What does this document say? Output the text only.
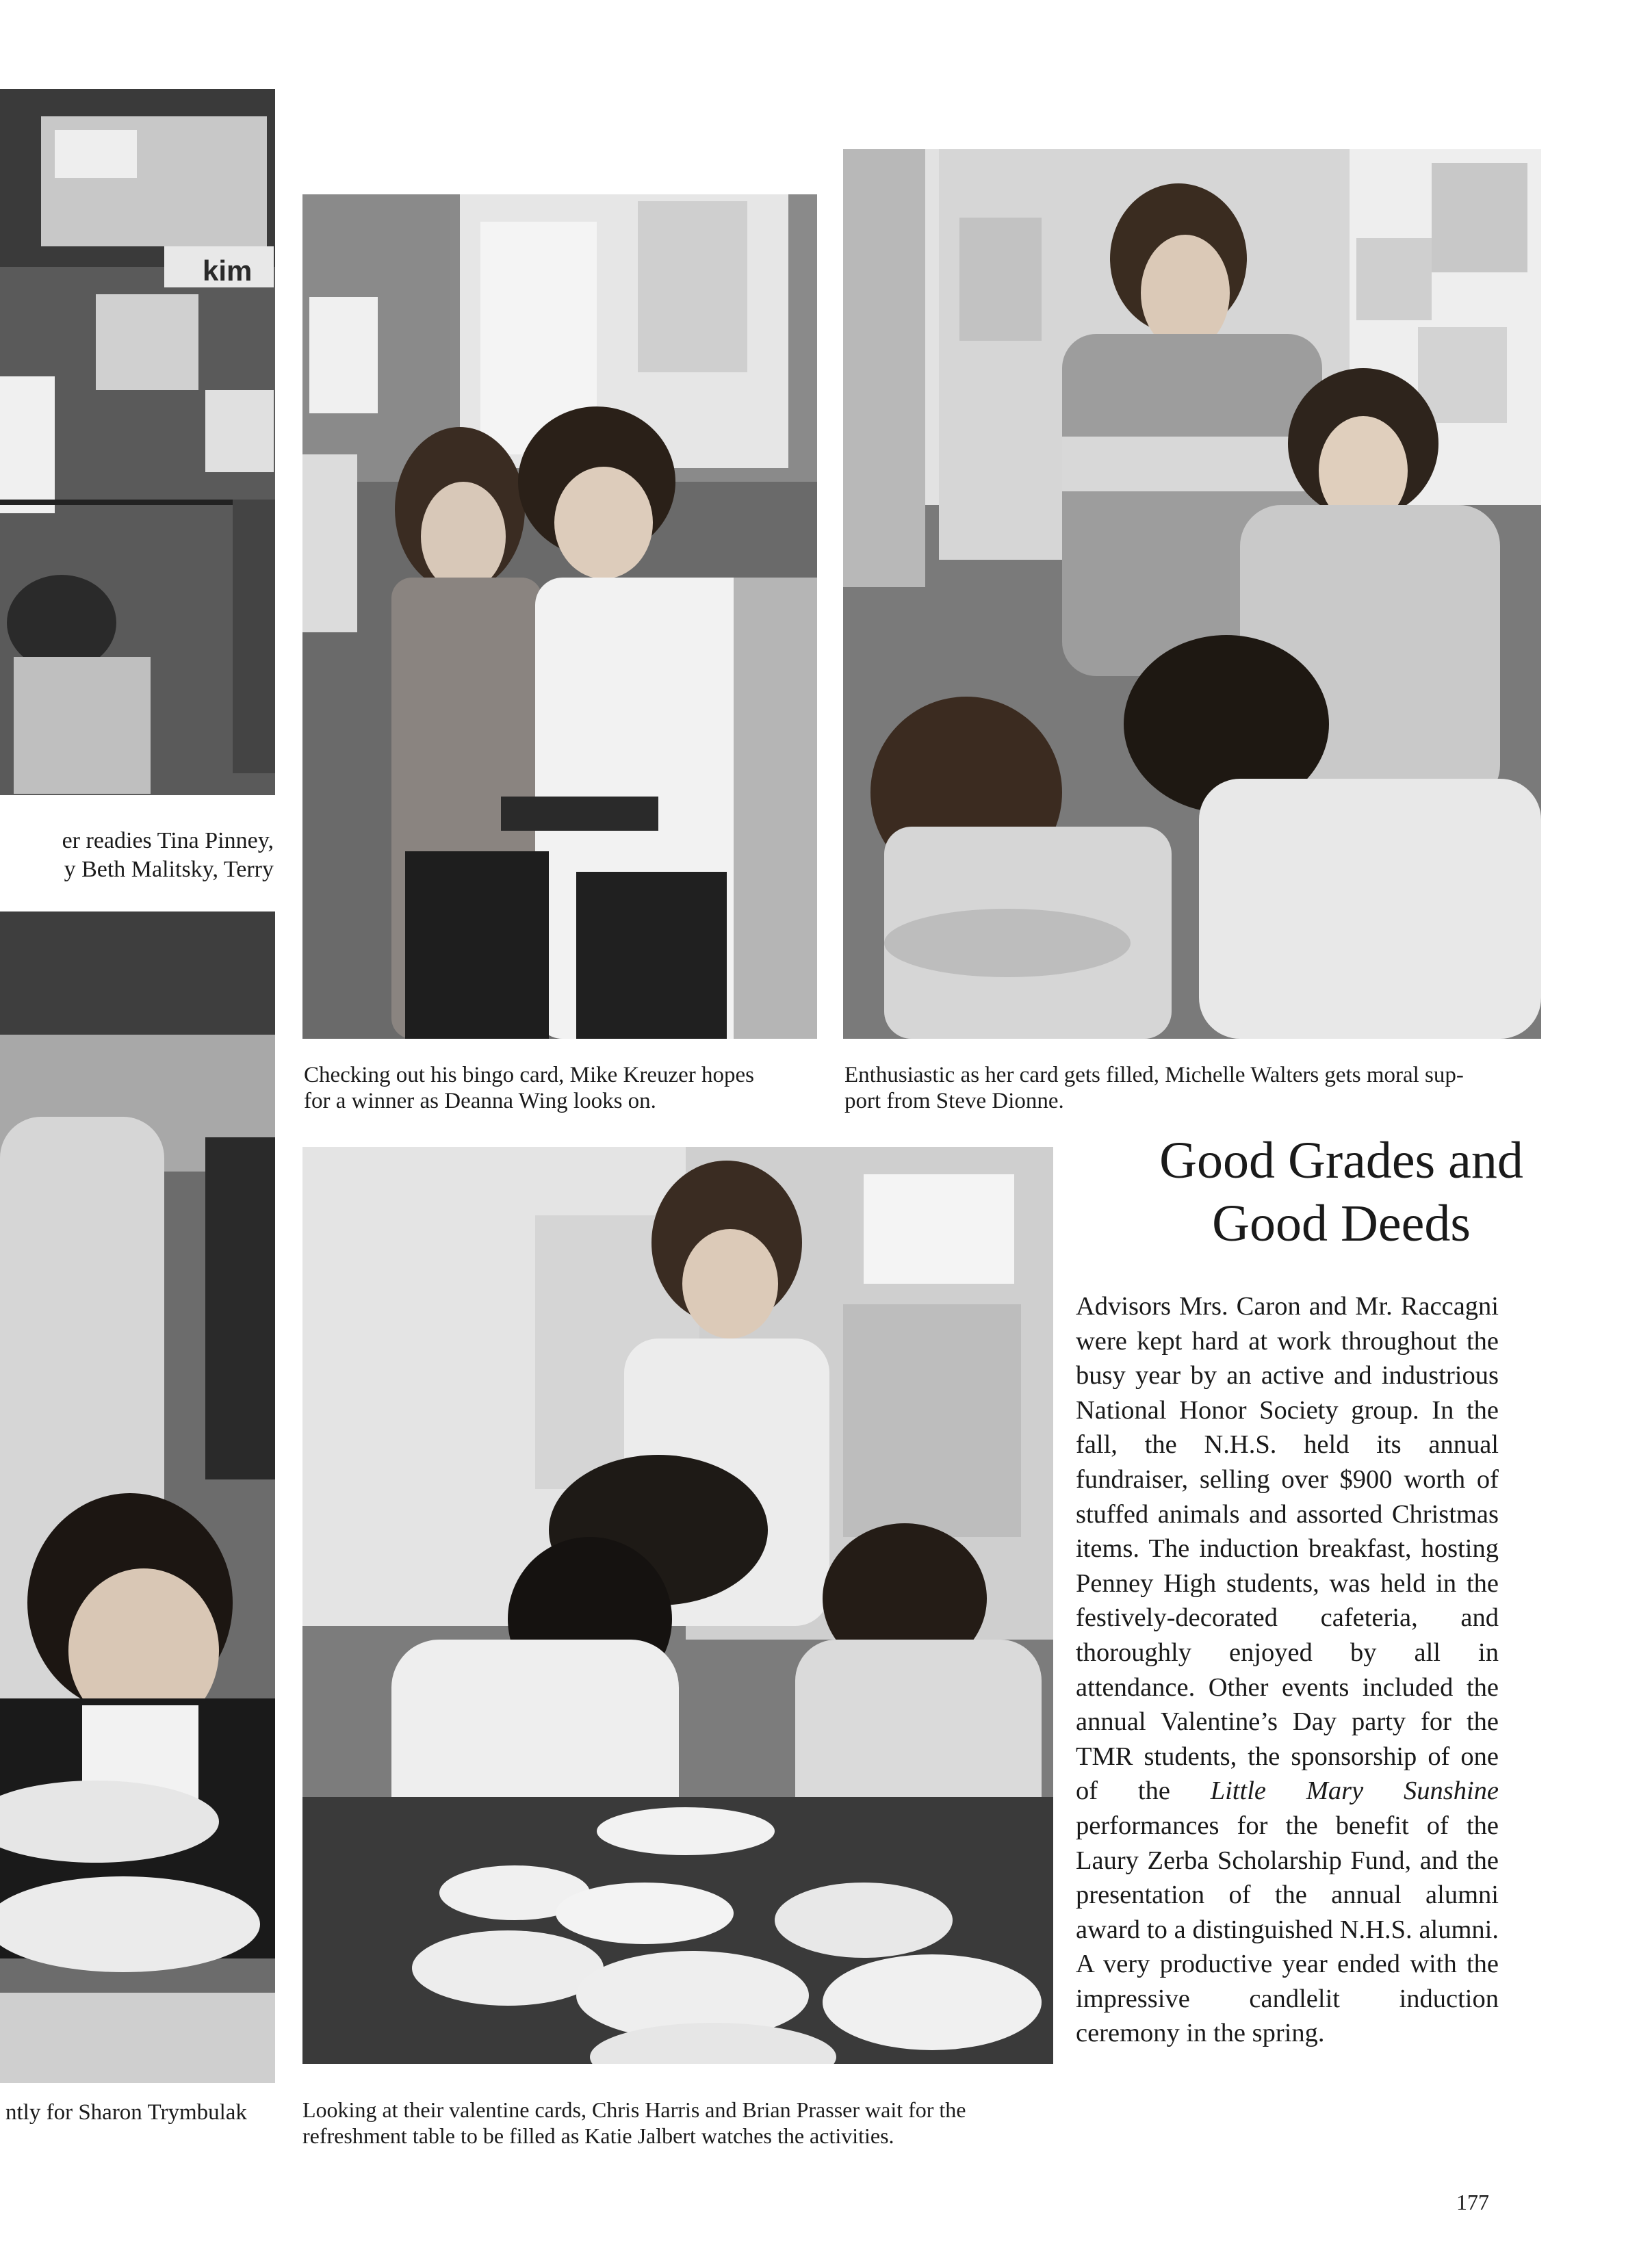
kim
er readies Tina Pinney,
y Beth Malitsky, Terry
Checking out his bingo card, Mike Kreuzer hopes
for a winner as Deanna Wing looks on.
Enthusiastic as her card gets filled, Michelle Walters gets moral sup-
port from Steve Dionne.
ntly for Sharon Trymbulak	Looking at their valentine cards, Chris Harris and Brian Prasser wait for the
refreshment table to be filled as Katie Jalbert watches the activities.
Good Grades and
Good Deeds

Advisors Mrs. Caron and Mr. Raccagni were kept hard at work throughout the busy year by an active and industrious National Honor Society group. In the fall, the N.H.S. held its annual fundraiser, selling over $900 worth of stuffed animals and assorted Christmas items. The induction breakfast, hosting Penney High students, was held in the festively-decorated cafeteria, and thoroughly enjoyed by all in attendance. Other events included the annual Valentine’s Day party for the TMR students, the sponsorship of one of the Little Mary Sunshine performances for the benefit of the Laury Zerba Scholarship Fund, and the presentation of the annual alumni award to a distinguished N.H.S. alumni. A very productive year ended with the impressive candlelit induction ceremony in the spring.

177
